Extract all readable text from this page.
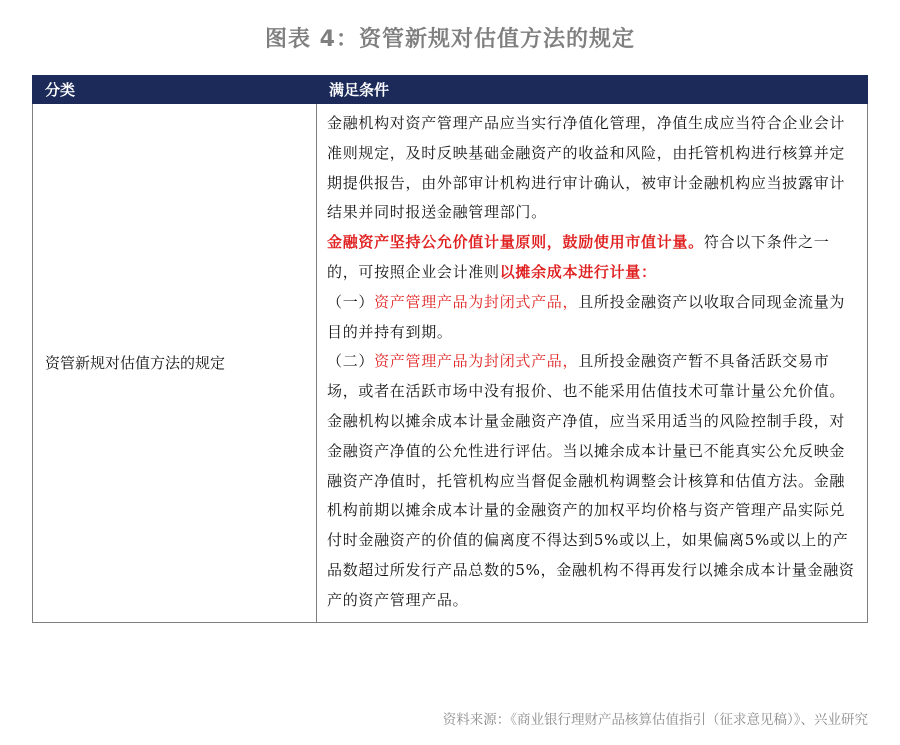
图表 4：资管新规对估值方法的规定
分类	满足条件
资管新规对估值方法的规定	金融机构对资产管理产品应当实行净值化管理，净值生成应当符合企业会计准则规定，及时反映基础金融资产的收益和风险，由托管机构进行核算并定期提供报告，由外部审计机构进行审计确认，被审计金融机构应当披露审计结果并同时报送金融管理部门。

金融资产坚持公允价值计量原则，鼓励使用市值计量。符合以下条件之一的，可按照企业会计准则以摊余成本进行计量：

（一）资产管理产品为封闭式产品，且所投金融资产以收取合同现金流量为目的并持有到期。

（二）资产管理产品为封闭式产品，且所投金融资产暂不具备活跃交易市场，或者在活跃市场中没有报价、也不能采用估值技术可靠计量公允价值。

金融机构以摊余成本计量金融资产净值，应当采用适当的风险控制手段，对金融资产净值的公允性进行评估。当以摊余成本计量已不能真实公允反映金融资产净值时，托管机构应当督促金融机构调整会计核算和估值方法。金融机构前期以摊余成本计量的金融资产的加权平均价格与资产管理产品实际兑付时金融资产的价值的偏离度不得达到5%或以上，如果偏离5%或以上的产品数超过所发行产品总数的5%，金融机构不得再发行以摊余成本计量金融资产的资产管理产品。

资料来源：《商业银行理财产品核算估值指引（征求意见稿）》、兴业研究
